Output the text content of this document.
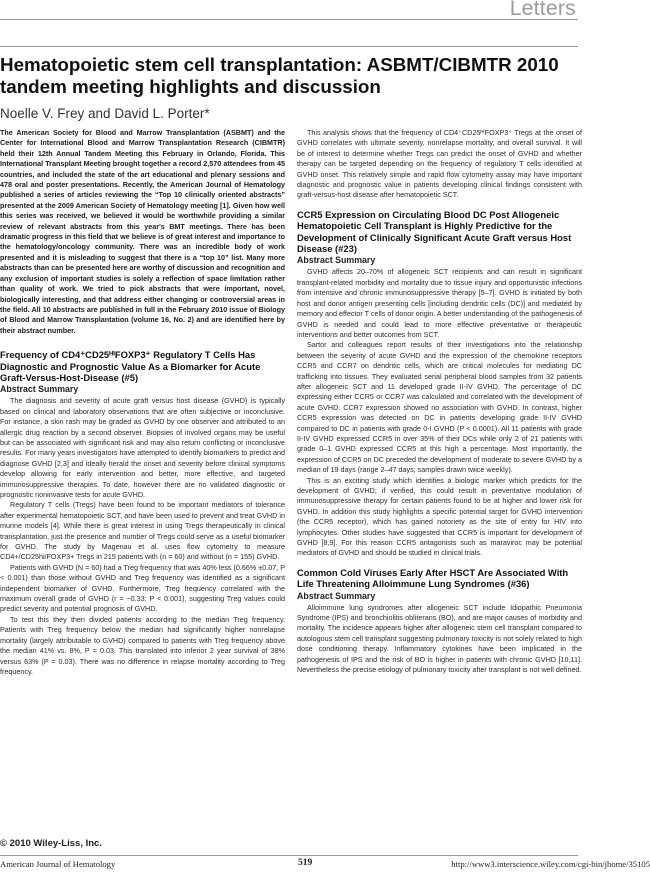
Letters
Hematopoietic stem cell transplantation: ASBMT/CIBMTR 2010 tandem meeting highlights and discussion
Noelle V. Frey and David L. Porter*

The American Society for Blood and Marrow Transplantation (ASBMT) and the Center for International Blood and Marrow Transplantation Research (CIBMTR) held their 12th Annual Tandem Meeting this February in Orlando, Florida. This International Transplant Meeting brought together a record 2,570 attendees from 45 countries, and included the state of the art educational and plenary sessions and 478 oral and poster presentations. Recently, the American Journal of Hematology published a series of articles reviewing the “Top 10 clinically oriented abstracts” presented at the 2009 American Society of Hematology meeting [1]. Given how well this series was received, we believed it would be worthwhile providing a similar review of relevant abstracts from this year's BMT meetings. There has been dramatic progress in this field that we believe is of great interest and importance to the hematology/oncology community. There was an incredible body of work presented and it is misleading to suggest that there is a “top 10” list. Many more abstracts than can be presented here are worthy of discussion and recognition and any exclusion of important studies is solely a reflection of space limitation rather than quality of work. We tried to pick abstracts that were important, novel, biologically interesting, and that address either changing or controversial areas in the field. All 10 abstracts are published in full in the February 2010 issue of Biology of Blood and Marrow Transplantation (volume 16, No. 2) and are identified here by their abstract number.

Frequency of CD4⁺CD25ᴴⁱFOXP3⁺ Regulatory T Cells Has Diagnostic and Prognostic Value As a Biomarker for Acute Graft-Versus-Host-Disease (#5)
Abstract Summary

The diagnosis and severity of acute graft versus host disease (GVHD) is typically based on clinical and laboratory observations that are often subjective or inconclusive. For instance, a skin rash may be graded as GVHD by one observer and attributed to an allergic drug reaction by a second observer. Biopsies of involved organs may be useful but can be associated with significant risk and may also return conflicting or inconclusive results. For many years investigators have attempted to identify biomarkers to predict and diagnose GVHD [2,3] and ideally herald the onset and severity before clinical symptoms develop allowing for early intervention and better, more effective, and targeted immunosuppressive therapies. To date, however there are no validated diagnostic or prognostic noninvasive tests for acute GVHD.

Regulatory T cells (Tregs) have been found to be important mediators of tolerance after experimental hematopoietic SCT, and have been used to prevent and treat GVHD in murine models [4]. While there is great interest in using Tregs therapeutically in clinical transplantation, just the presence and number of Tregs could serve as a useful biomarker for GVHD. The study by Magenau et al. uses flow cytometry to measure CD4+/CD25hi/FOXP3+ Tregs in 215 patients with (n = 60) and without (n = 155) GVHD.

Patients with GVHD (N = 60) had a Treg frequency that was 40% less (0.66% ±0.07, P < 0.001) than those without GVHD and Treg frequency was identified as a significant independent biomarker of GVHD. Furthermore, Treg frequency correlated with the maximum overall grade of GVHD (r = −0.33; P < 0.001), suggesting Treg values could predict severity and potential prognosis of GVHD.

To test this they then divided patients according to the median Treg frequency. Patients with Treg frequency below the median had significantly higher nonrelapse mortality (largely attributable to GVHD) compared to patients with Treg frequency above the median 41% vs. 8%, P = 0.03. This translated into inferior 2 year survival of 38% versus 63% (P = 0.03). There was no difference in relapse mortality according to Treg frequency.

This analysis shows that the frequency of CD4⁺CD25ᴴⁱFOXP3⁺ Tregs at the onset of GVHD correlates with ultimate severity, nonrelapse mortality, and overall survival. It will be of interest to determine whether Tregs can predict the onset of GVHD and whether therapy can be targeted depending on the frequency of regulatory T cells identified at GVHD onset. This relatively simple and rapid flow cytometry assay may have important diagnostic and prognostic value in patients developing clinical findings consistent with graft-versus-host disease after hematopoietic SCT.

CCR5 Expression on Circulating Blood DC Post Allogeneic Hematopoietic Cell Transplant is Highly Predictive for the Development of Clinically Significant Acute Graft versus Host Disease (#23)
Abstract Summary

GVHD affects 20–70% of allogeneic SCT recipients and can result in significant transplant-related morbidity and mortality due to tissue injury and opportunistic infections from intensive and chronic immunosuppressive therapy [5–7]. GVHD is initiated by both host and donor antigen presenting cells [including dendritic cells (DC)] and mediated by memory and effector T cells of donor origin. A better understanding of the pathogenesis of GVHD is needed and could lead to more effective preventative or therapeutic interventions and better outcomes from SCT.

Sartor and colleagues report results of their investigations into the relationship between the severity of acute GVHD and the expression of the chemokine receptors CCR5 and CCR7 on dendritic cells, which are critical molecules for mediating DC trafficking into tissues. They evaluated serial peripheral blood samples from 32 patients after allogeneic SCT and 11 developed grade II-IV GVHD. The percentage of DC expressing either CCR5 or CCR7 was calculated and correlated with the development of acute GVHD. CCR7 expression showed no association with GVHD. In contrast, higher CCR5 expression was detected on DC in patients developing grade II-IV GVHD compared to DC in patients with grade 0-I GVHD (P < 0.0001). All 11 patients with grade II-IV GVHD expressed CCR5 in over 35% of their DCs while only 2 of 21 patients with grade 0–1 GVHD expressed CCR5 at this high a percentage. Most importantly, the expression of CCR5 on DC preceded the development of moderate to severe GVHD by a median of 19 days (range 2–47 days; samples drawn twice weekly).

This is an exciting study which identifies a biologic marker which predicts for the development of GVHD; if verified, this could result in preventative modulation of immunosuppressive therapy for certain patients found to be at higher and lower risk for GVHD. In addition this study highlights a specific potential target for GVHD intervention (the CCR5 receptor), which has gained notoriety as the site of entry for HIV into lymphocytes. Other studies have suggested that CCR5 is important for development of GVHD [8,9]. For this reason CCR5 antagonists such as maraviroc may be potential mediators of GVHD and should be studied in clinical trials.

Common Cold Viruses Early After HSCT Are Associated With Life Threatening Alloimmune Lung Syndromes (#36)
Abstract Summary

Alloimmune lung syndromes after allogeneic SCT include Idiopathic Pneumonia Syndrome (IPS) and bronchiolitis obliterans (BO), and are major causes of morbidity and mortality. The incidence appears higher after allogeneic stem cell transplant compared to autologous stem cell transplant suggesting pulmonary toxicity is not solely related to high dose conditioning therapy. Inflammatory cytokines have been implicated in the pathogenesis of IPS and the risk of BO is higher in patients with chronic GVHD [10,11]. Nevertheless the precise etiology of pulmonary toxicity after transplant is not well defined.

© 2010 Wiley-Liss, Inc.
American Journal of Hematology	519	http://www3.interscience.wiley.com/cgi-bin/jhome/35105
